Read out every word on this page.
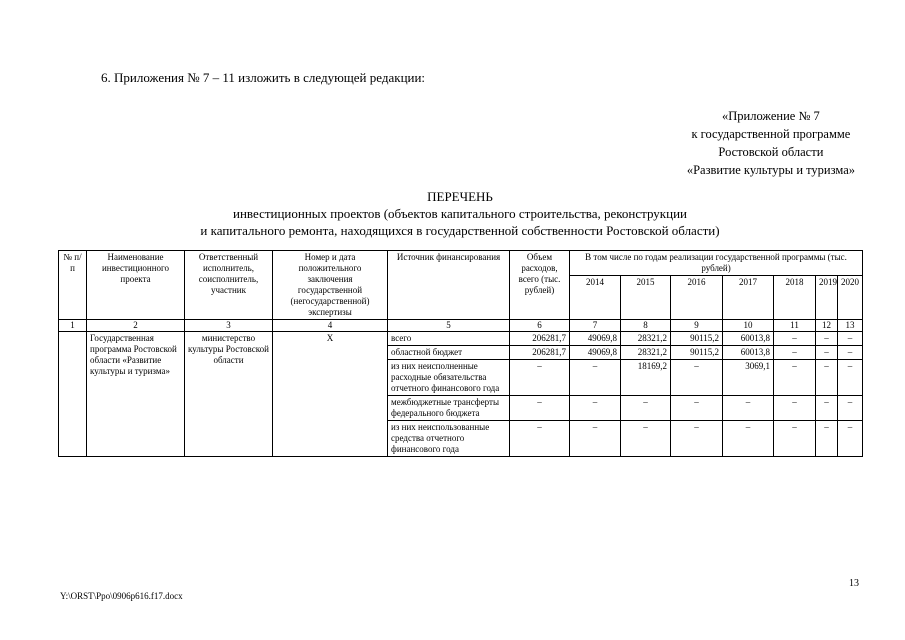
6. Приложения № 7 – 11 изложить в следующей редакции:
«Приложение № 7
к государственной программе
Ростовской области
«Развитие культуры и туризма»
ПЕРЕЧЕНЬ
инвестиционных проектов (объектов капитального строительства, реконструкции
и капитального ремонта, находящихся в государственной собственности Ростовской области)
№ п/п	Наименование инвестиционного проекта	Ответственный исполнитель, соисполнитель, участник	Номер и дата положительного заключения государственной (негосударственной) экспертизы	Источник финансирования	Объем расходов, всего (тыс. рублей)	В том числе по годам реализации государственной программы (тыс. рублей)						
						2014	2015	2016	2017	2018	2019	2020
1	2	3	4	5	6	7	8	9	10	11	12	13
	Государственная программа Ростовской области «Развитие культуры и туризма»	министерство культуры Ростовской области	Х	всего	206281,7	49069,8	28321,2	90115,2	60013,8	–	–	–
				областной бюджет	206281,7	49069,8	28321,2	90115,2	60013,8	–	–	–
				из них неисполненные расходные обязательства отчетного финансового года	–	–	18169,2	–	3069,1	–	–	–
				межбюджетные трансферты федерального бюджета	–	–	–	–	–	–	–	–
				из них неиспользованные средства отчетного финансового года	–	–	–	–	–	–	–	–
13
Y:\ORST\Ppo\0906p616.f17.docx
